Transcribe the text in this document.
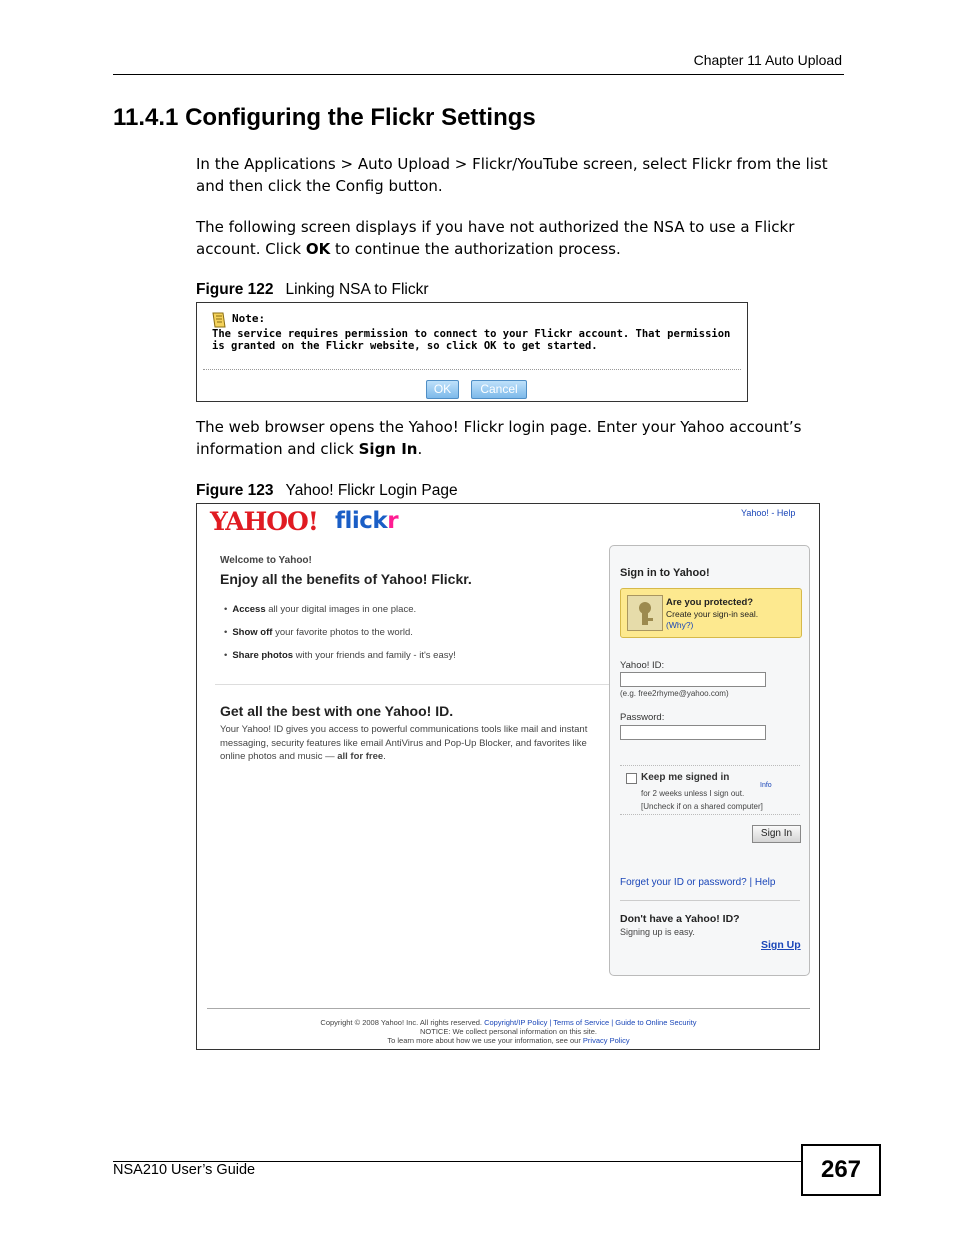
Chapter 11 Auto Upload
11.4.1 Configuring the Flickr Settings

In the Applications > Auto Upload > Flickr/YouTube screen, select Flickr from the list and then click the Config button.

The following screen displays if you have not authorized the NSA to use a Flickr account. Click OK to continue the authorization process.

Figure 122 Linking NSA to Flickr
Note:
The service requires permission to connect to your Flickr account. That permission is granted on the Flickr website, so click OK to get started.
OK	Cancel

The web browser opens the Yahoo! Flickr login page. Enter your Yahoo account’s information and click Sign In.

Figure 123 Yahoo! Flickr Login Page
YAHOO! flickr	Yahoo! - Help
Welcome to Yahoo!
Enjoy all the benefits of Yahoo! Flickr.
• Access all your digital images in one place.
• Show off your favorite photos to the world.
• Share photos with your friends and family - it's easy!
Get all the best with one Yahoo! ID.
Your Yahoo! ID gives you access to powerful communications tools like mail and instant messaging, security features like email AntiVirus and Pop-Up Blocker, and favorites like online photos and music — all for free.
Sign in to Yahoo!
Are you protected?
Create your sign-in seal.
(Why?)
Yahoo! ID:
(e.g. free2rhyme@yahoo.com)
Password:
Keep me signed in
Info
for 2 weeks unless I sign out.
[Uncheck if on a shared computer]
Sign In
Forget your ID or password? | Help
Don't have a Yahoo! ID?
Signing up is easy.
Sign Up
Copyright © 2008 Yahoo! Inc. All rights reserved. Copyright/IP Policy | Terms of Service | Guide to Online Security
NOTICE: We collect personal information on this site.
To learn more about how we use your information, see our Privacy Policy
NSA210 User’s Guide	267
